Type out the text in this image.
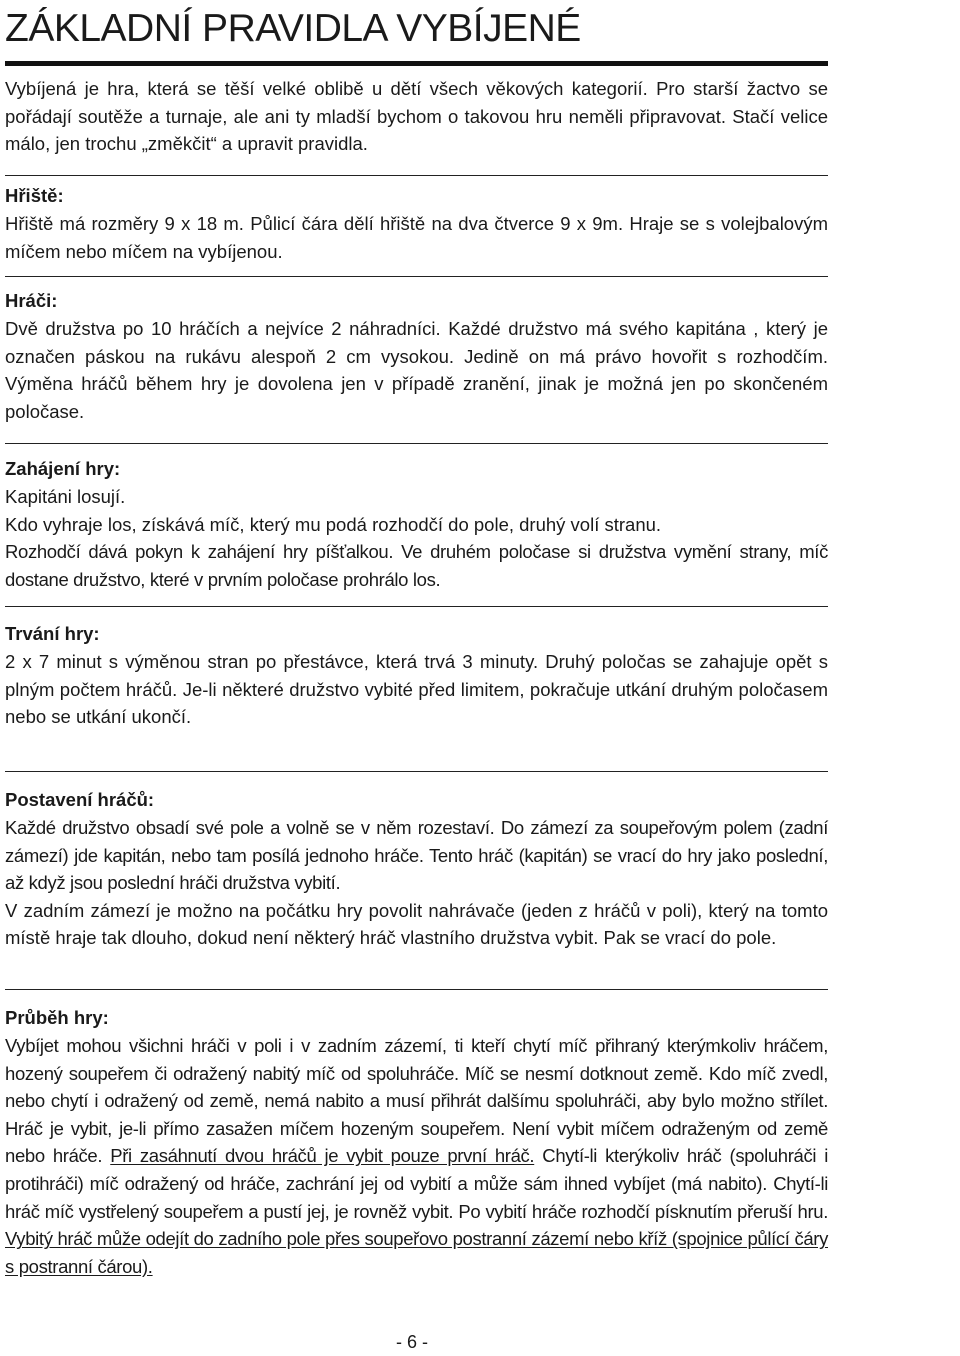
ZÁKLADNÍ PRAVIDLA VYBÍJENÉ
Vybíjená je hra, která se těší velké oblibě u dětí všech věkových kategorií. Pro starší žactvo se pořádají soutěže a turnaje, ale ani ty mladší bychom o takovou hru neměli připravovat. Stačí velice málo, jen trochu „změkčit“ a upravit pravidla.
Hřiště:
Hřiště má rozměry 9 x 18 m. Půlicí čára dělí hřiště na dva čtverce 9 x 9m. Hraje se s volejbalovým míčem nebo míčem na vybíjenou.
Hráči:
Dvě družstva po 10 hráčích a nejvíce 2 náhradníci. Každé družstvo má svého kapitána , který je označen páskou na rukávu alespoň 2 cm vysokou. Jedině on má právo hovořit s rozhodčím. Výměna hráčů během hry je dovolena jen v případě zranění, jinak je možná jen po skončeném poločase.
Zahájení hry:
Kapitáni losují.
Kdo vyhraje los, získává míč, který mu podá rozhodčí do pole, druhý volí stranu.
Rozhodčí dává pokyn k zahájení hry píšťalkou. Ve druhém poločase si družstva vymění strany, míč dostane družstvo, které v prvním poločase prohrálo los.
Trvání hry:
2 x 7 minut s výměnou stran po přestávce, která trvá 3 minuty. Druhý poločas se zahajuje opět s plným počtem hráčů. Je-li některé družstvo vybité před limitem, pokračuje utkání druhým poločasem nebo se utkání ukončí.
Postavení hráčů:
Každé družstvo obsadí své pole a volně se v něm rozestaví. Do zámezí za soupeřovým polem (zadní zámezí) jde kapitán, nebo tam posílá jednoho hráče. Tento hráč (kapitán) se vrací do hry jako poslední, až když jsou poslední hráči družstva vybití.
V zadním zámezí je možno na počátku hry povolit nahrávače (jeden z hráčů v poli), který na tomto místě hraje tak dlouho, dokud není některý hráč vlastního družstva vybit. Pak se vrací do pole.
Průběh hry:
Vybíjet mohou všichni hráči v poli i v zadním zázemí, ti kteří chytí míč přihraný kterýmkoliv hráčem, hozený soupeřem či odražený nabitý míč od spoluhráče. Míč se nesmí dotknout země. Kdo míč zvedl, nebo chytí i odražený od země, nemá nabito a musí přihrát dalšímu spoluhráči, aby bylo možno střílet. Hráč je vybit, je-li přímo zasažen míčem hozeným soupeřem. Není vybit míčem odraženým od země nebo hráče. Při zasáhnutí dvou hráčů je vybit pouze první hráč. Chytí-li kterýkoliv hráč (spoluhráči i protihráči) míč odražený od hráče, zachrání jej od vybití a může sám ihned vybíjet (má nabito). Chytí-li hráč míč vystřelený soupeřem a pustí jej, je rovněž vybit. Po vybití hráče rozhodčí písknutím přeruší hru. Vybitý hráč může odejít do zadního pole přes soupeřovo postranní zázemí nebo kříž (spojnice půlící čáry s postranní čárou).
- 6 -
